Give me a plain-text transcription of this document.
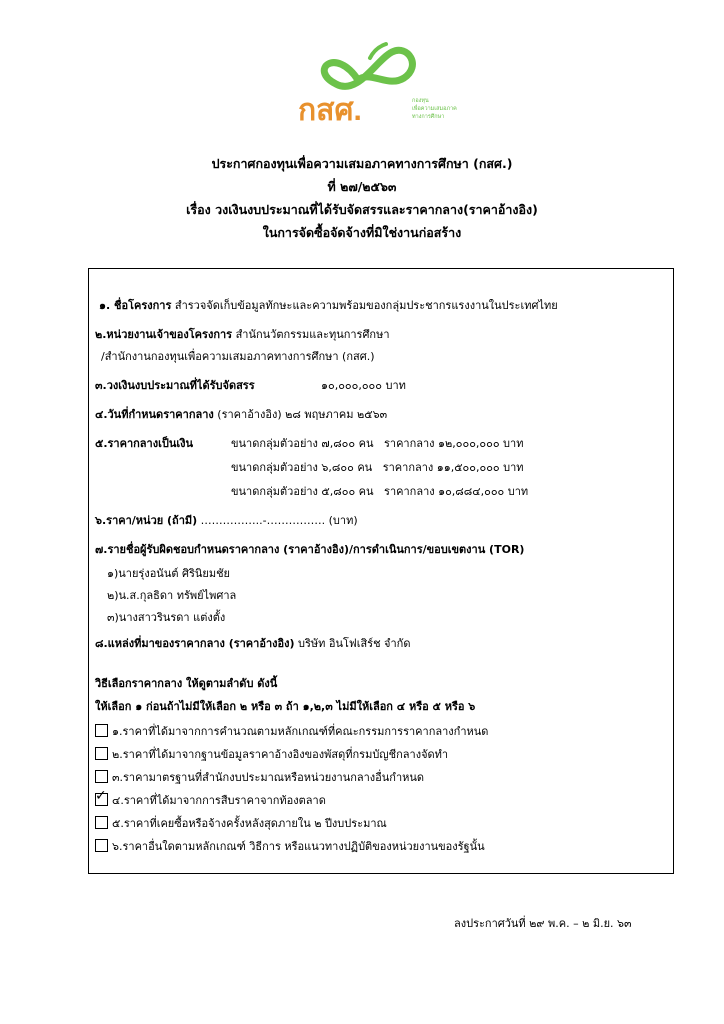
กสศ.	กองทุน
เพื่อความเสมอภาค
ทางการศึกษา
ประกาศกองทุนเพื่อความเสมอภาคทางการศึกษา (กสศ.)
ที่ ๒๗/๒๕๖๓
เรื่อง วงเงินงบประมาณที่ได้รับจัดสรรและราคากลาง(ราคาอ้างอิง)
ในการจัดซื้อจัดจ้างที่มิใช่งานก่อสร้าง
๑. ชื่อโครงการ สำรวจจัดเก็บข้อมูลทักษะและความพร้อมของกลุ่มประชากรแรงงานในประเทศไทย
๒.หน่วยงานเจ้าของโครงการ สำนักนวัตกรรมและทุนการศึกษา
/สำนักงานกองทุนเพื่อความเสมอภาคทางการศึกษา (กสศ.)
๓.วงเงินงบประมาณที่ได้รับจัดสรร	๑๐,๐๐๐,๐๐๐ บาท
๔.วันที่กำหนดราคากลาง (ราคาอ้างอิง) ๒๘ พฤษภาคม ๒๕๖๓
๕.ราคากลางเป็นเงิน	ขนาดกลุ่มตัวอย่าง ๗,๘๐๐ คน ราคากลาง ๑๒,๐๐๐,๐๐๐ บาท
ขนาดกลุ่มตัวอย่าง ๖,๘๐๐ คน ราคากลาง ๑๑,๕๐๐,๐๐๐ บาท
ขนาดกลุ่มตัวอย่าง ๕,๘๐๐ คน ราคากลาง ๑๐,๘๘๔,๐๐๐ บาท
๖.ราคา/หน่วย (ถ้ามี) ……………..-……………. (บาท)
๗.รายชื่อผู้รับผิดชอบกำหนดราคากลาง (ราคาอ้างอิง)/การดำเนินการ/ขอบเขตงาน (TOR)
๑)นายรุ่งอนันต์ ศิรินิยมชัย
๒)น.ส.กุลธิดา ทรัพย์ไพศาล
๓)นางสาวรินรดา แต่งตั้ง
๘.แหล่งที่มาของราคากลาง (ราคาอ้างอิง) บริษัท อินโฟเสิร์ช จำกัด
วิธีเลือกราคากลาง ให้ดูตามลำดับ ดังนี้
ให้เลือก ๑ ก่อนถ้าไม่มีให้เลือก ๒ หรือ ๓ ถ้า ๑,๒,๓ ไม่มีให้เลือก ๔ หรือ ๕ หรือ ๖
๑.ราคาที่ได้มาจากการคำนวณตามหลักเกณฑ์ที่คณะกรรมการราคากลางกำหนด
๒.ราคาที่ได้มาจากฐานข้อมูลราคาอ้างอิงของพัสดุที่กรมบัญชีกลางจัดทำ
๓.ราคามาตรฐานที่สำนักงบประมาณหรือหน่วยงานกลางอื่นกำหนด
✓ ๔.ราคาที่ได้มาจากการสืบราคาจากท้องตลาด
๕.ราคาที่เคยซื้อหรือจ้างครั้งหลังสุดภายใน ๒ ปีงบประมาณ
๖.ราคาอื่นใดตามหลักเกณฑ์ วิธีการ หรือแนวทางปฏิบัติของหน่วยงานของรัฐนั้น
ลงประกาศวันที่ ๒๙ พ.ค. – ๒ มิ.ย. ๖๓
